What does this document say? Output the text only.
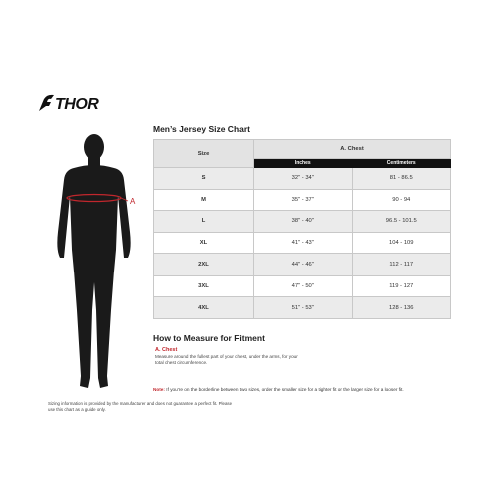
THOR
A
Men’s Jersey Size Chart
Size	A. Chest	
	Inches	Centimeters
S	32" - 34"	81 - 86.5
M	35" - 37"	90 - 94
L	38" - 40"	96.5 - 101.5
XL	41" - 43"	104 - 109
2XL	44" - 46"	112 - 117
3XL	47" - 50"	119 - 127
4XL	51" - 53"	128 - 136
How to Measure for Fitment
A. Chest
Measure around the fullest part of your chest, under the arms, for your total chest circumference.
Note: If you’re on the borderline between two sizes, order the smaller size for a tighter fit or the larger size for a looser fit.
Sizing information is provided by the manufacturer and does not guarantee a perfect fit. Please use this chart as a guide only.
